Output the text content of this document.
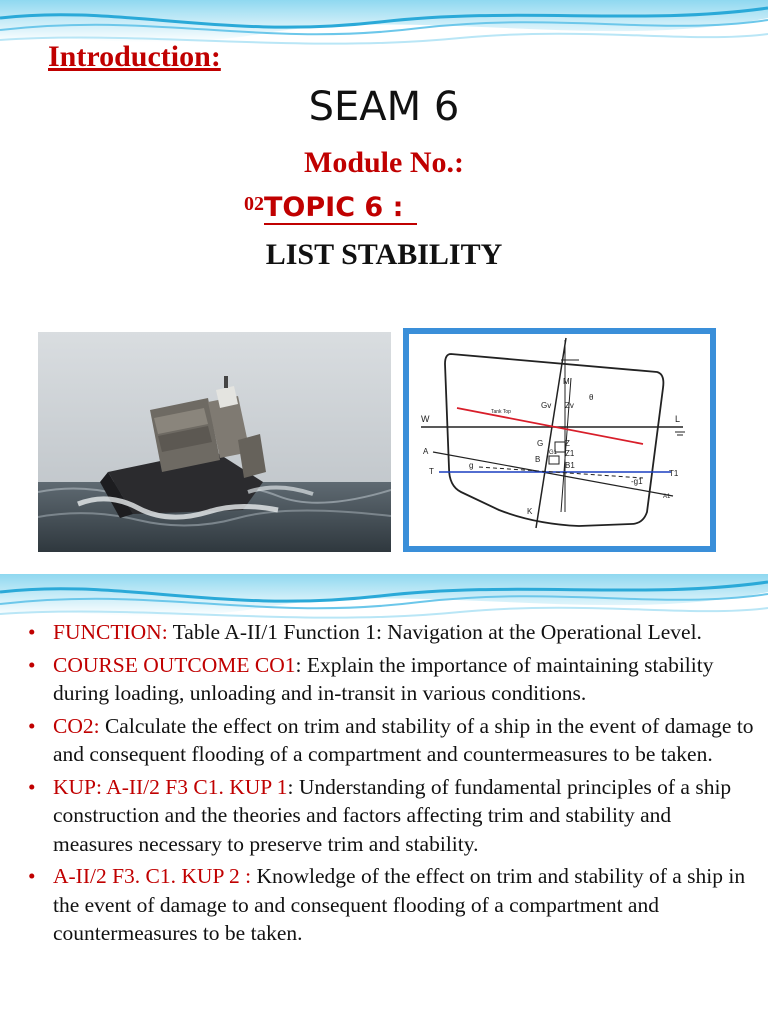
Introduction:
SEAM 6
Module No.:
02TOPIC 6 :
LIST STABILITY
M
θ
Gv Zv
W	L
Tank Top
G	Z
Z1
B
G1
B1
A
T	T1
A1
g
-g1
K
• FUNCTION: Table A-II/1 Function 1: Navigation at the Operational Level.
• COURSE OUTCOME CO1: Explain the importance of maintaining stability during loading, unloading and in-transit in various conditions.
• CO2: Calculate the effect on trim and stability of a ship in the event of damage to and consequent flooding of a compartment and countermeasures to be taken.
• KUP: A-II/2 F3 C1. KUP 1: Understanding of fundamental principles of a ship construction and the theories and factors affecting trim and stability and measures necessary to preserve trim and stability.
• A-II/2 F3. C1. KUP 2 : Knowledge of the effect on trim and stability of a ship in the event of damage to and consequent flooding of a compartment and countermeasures to be taken.
